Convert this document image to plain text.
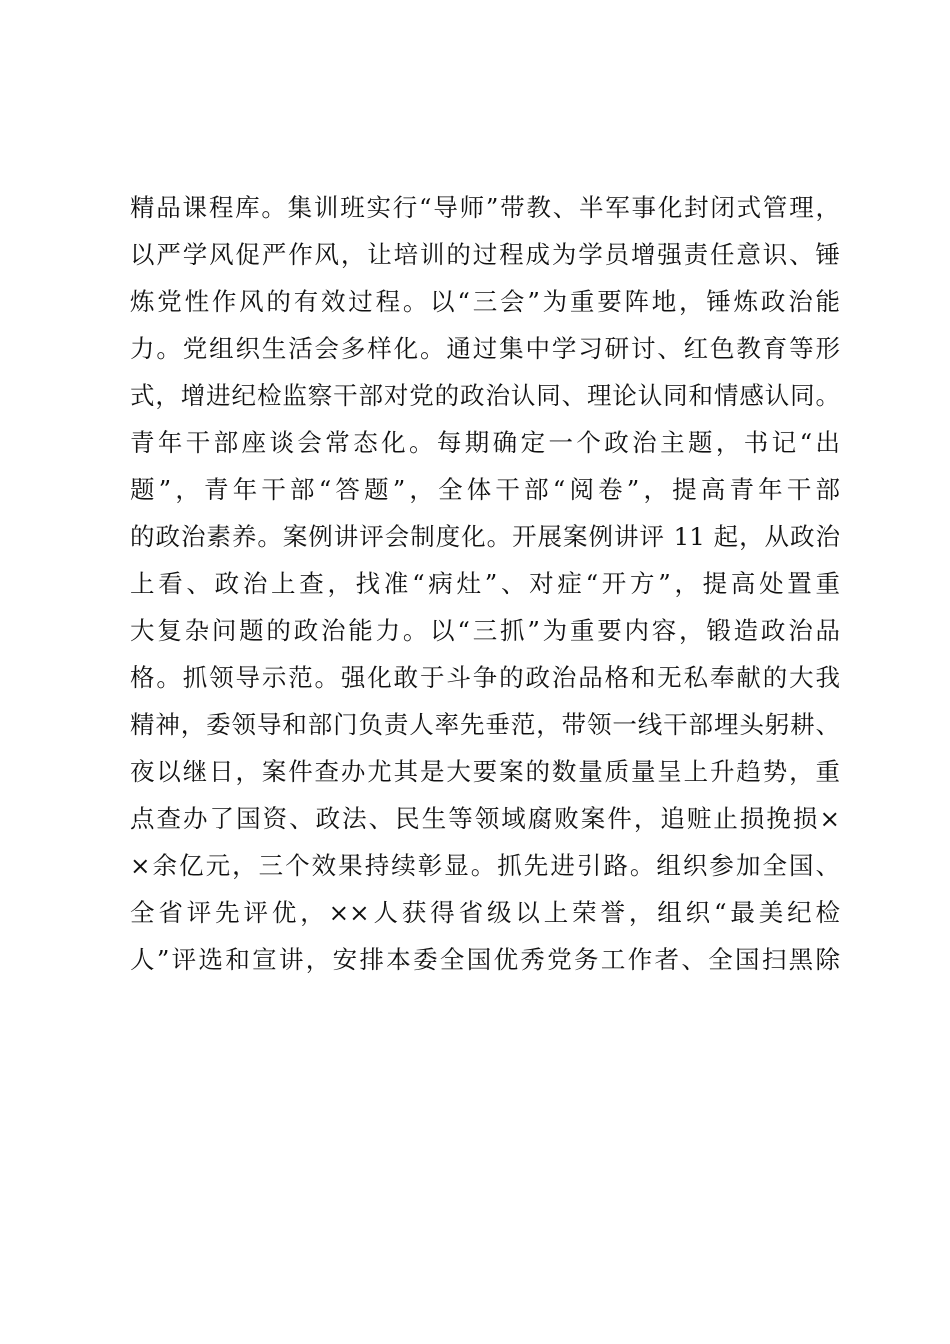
精品课程库。集训班实行“导师”带教、半军事化封闭式管理，
以严学风促严作风，让培训的过程成为学员增强责任意识、锤
炼党性作风的有效过程。以“三会”为重要阵地，锤炼政治能
力。党组织生活会多样化。通过集中学习研讨、红色教育等形
式，增进纪检监察干部对党的政治认同、理论认同和情感认同。
青年干部座谈会常态化。每期确定一个政治主题，书记“出
题”，青年干部“答题”，全体干部“阅卷”，提高青年干部
的政治素养。案例讲评会制度化。开展案例讲评 11 起，从政治
上看、政治上查，找准“病灶”、对症“开方”，提高处置重
大复杂问题的政治能力。以“三抓”为重要内容，锻造政治品
格。抓领导示范。强化敢于斗争的政治品格和无私奉献的大我
精神，委领导和部门负责人率先垂范，带领一线干部埋头躬耕、
夜以继日，案件查办尤其是大要案的数量质量呈上升趋势，重
点查办了国资、政法、民生等领域腐败案件，追赃止损挽损×
×余亿元，三个效果持续彰显。抓先进引路。组织参加全国、
全省评先评优，××人获得省级以上荣誉，组织“最美纪检
人”评选和宣讲，安排本委全国优秀党务工作者、全国扫黑除
